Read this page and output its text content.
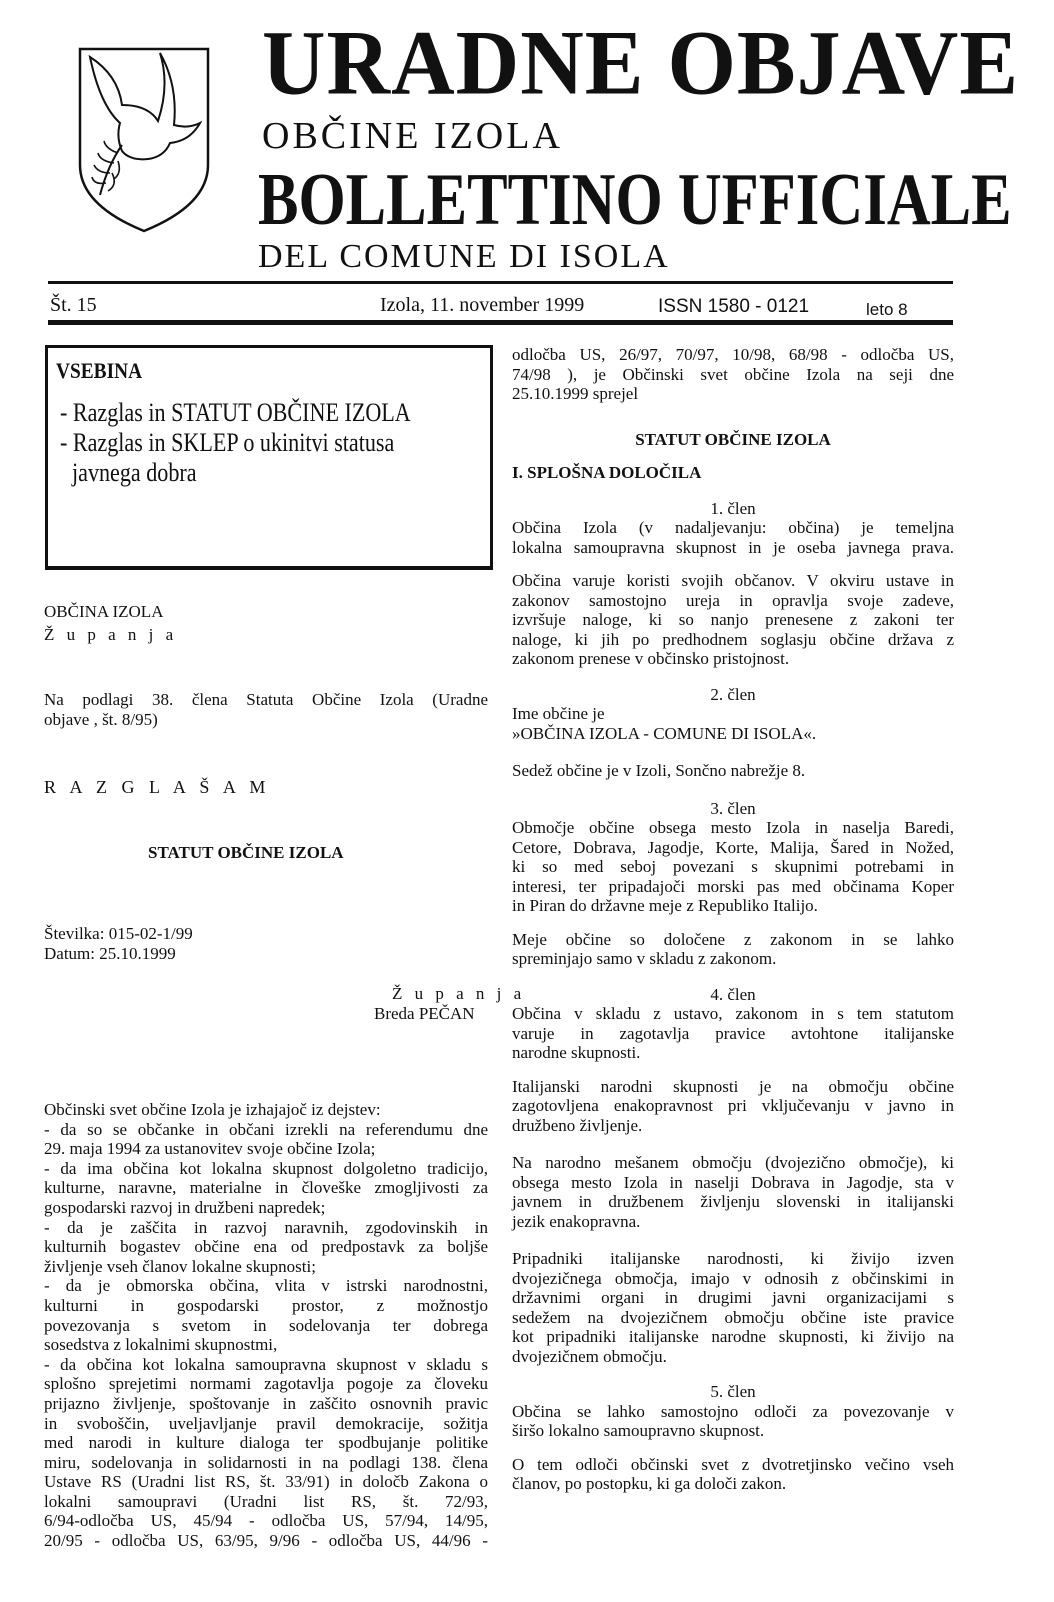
URADNE OBJAVE
OBČINE IZOLA
BOLLETTINO UFFICIALE
DEL COMUNE DI ISOLA
Št. 15	Izola, 11. november 1999	ISSN 1580 - 0121	leto 8
VSEBINA
- Razglas in STATUT OBČINE IZOLA
- Razglas in SKLEP o ukinitvi statusa
javnega dobra
OBČINA IZOLA
Ž u p a n j a
Na podlagi 38. člena Statuta Občine Izola (Uradne
objave , št. 8/95)
R A Z G L A Š A M
STATUT OBČINE IZOLA
Številka: 015-02-1/99
Datum: 25.10.1999
Ž u p a n j a
Breda PEČAN
Občinski svet občine Izola je izhajajoč iz dejstev:
- da so se občanke in občani izrekli na referendumu dne
29. maja 1994 za ustanovitev svoje občine Izola;
- da ima občina kot lokalna skupnost dolgoletno tradicijo,
kulturne, naravne, materialne in človeške zmogljivosti za
gospodarski razvoj in družbeni napredek;
- da je zaščita in razvoj naravnih, zgodovinskih in
kulturnih bogastev občine ena od predpostavk za boljše
življenje vseh članov lokalne skupnosti;
- da je obmorska občina, vlita v istrski narodnostni,
kulturni in gospodarski prostor, z možnostjo
povezovanja s svetom in sodelovanja ter dobrega
sosedstva z lokalnimi skupnostmi,
- da občina kot lokalna samoupravna skupnost v skladu s
splošno sprejetimi normami zagotavlja pogoje za človeku
prijazno življenje, spoštovanje in zaščito osnovnih pravic
in svoboščin, uveljavljanje pravil demokracije, sožitja
med narodi in kulture dialoga ter spodbujanje politike
miru, sodelovanja in solidarnosti in na podlagi 138. člena
Ustave RS (Uradni list RS, št. 33/91) in določb Zakona o
lokalni samoupravi (Uradni list RS, št. 72/93,
6/94-odločba US, 45/94 - odločba US, 57/94, 14/95,
20/95 - odločba US, 63/95, 9/96 - odločba US, 44/96 -
odločba US, 26/97, 70/97, 10/98, 68/98 - odločba US,
74/98 ), je Občinski svet občine Izola na seji dne
25.10.1999 sprejel
STATUT OBČINE IZOLA
I. SPLOŠNA DOLOČILA
1. člen
Občina Izola (v nadaljevanju: občina) je temeljna
lokalna samoupravna skupnost in je oseba javnega prava.
Občina varuje koristi svojih občanov. V okviru ustave in
zakonov samostojno ureja in opravlja svoje zadeve,
izvršuje naloge, ki so nanjo prenesene z zakoni ter
naloge, ki jih po predhodnem soglasju občine država z
zakonom prenese v občinsko pristojnost.
2. člen
Ime občine je
»OBČINA IZOLA - COMUNE DI ISOLA«.
Sedež občine je v Izoli, Sončno nabrežje 8.
3. člen
Območje občine obsega mesto Izola in naselja Baredi,
Cetore, Dobrava, Jagodje, Korte, Malija, Šared in Nožed,
ki so med seboj povezani s skupnimi potrebami in
interesi, ter pripadajoči morski pas med občinama Koper
in Piran do državne meje z Republiko Italijo.
Meje občine so določene z zakonom in se lahko
spreminjajo samo v skladu z zakonom.
4. člen
Občina v skladu z ustavo, zakonom in s tem statutom
varuje in zagotavlja pravice avtohtone italijanske
narodne skupnosti.
Italijanski narodni skupnosti je na območju občine
zagotovljena enakopravnost pri vključevanju v javno in
družbeno življenje.
Na narodno mešanem območju (dvojezično območje), ki
obsega mesto Izola in naselji Dobrava in Jagodje, sta v
javnem in družbenem življenju slovenski in italijanski
jezik enakopravna.
Pripadniki italijanske narodnosti, ki živijo izven
dvojezičnega območja, imajo v odnosih z občinskimi in
državnimi organi in drugimi javni organizacijami s
sedežem na dvojezičnem območju občine iste pravice
kot pripadniki italijanske narodne skupnosti, ki živijo na
dvojezičnem območju.
5. člen
Občina se lahko samostojno odloči za povezovanje v
širšo lokalno samoupravno skupnost.
O tem odloči občinski svet z dvotretjinsko večino vseh
članov, po postopku, ki ga določi zakon.
